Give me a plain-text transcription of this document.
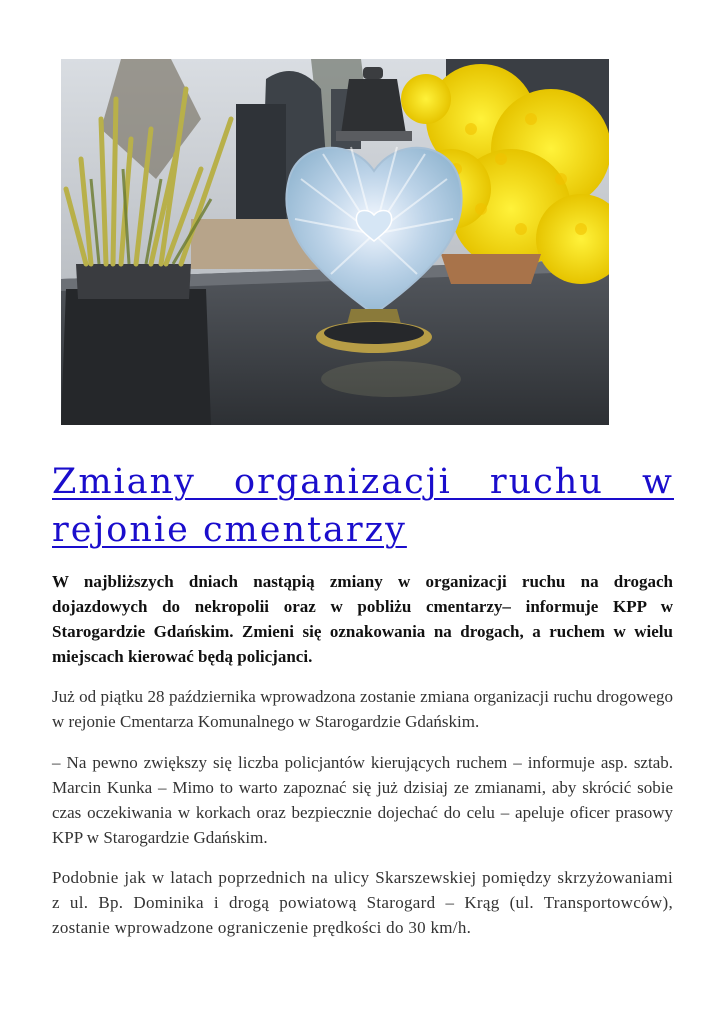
Zmiany organizacji ruchu w rejonie cmentarzy

W najbliższych dniach nastąpią zmiany w organizacji ruchu na drogach dojazdowych do nekropolii oraz w pobliżu cmentarzy– informuje KPP w Starogardzie Gdańskim. Zmieni się oznakowania na drogach, a ruchem w wielu miejscach kierować będą policjanci.

Już od piątku 28 października wprowadzona zostanie zmiana organizacji ruchu drogowego w rejonie Cmentarza Komunalnego w Starogardzie Gdańskim.

– Na pewno zwiększy się liczba policjantów kierujących ruchem – informuje asp. sztab. Marcin Kunka – Mimo to warto zapoznać się już dzisiaj ze zmianami, aby skrócić sobie czas oczekiwania w korkach oraz bezpiecznie dojechać do celu – apeluje oficer prasowy KPP w Starogardzie Gdańskim.

Podobnie jak w latach poprzednich na ulicy Skarszewskiej pomiędzy skrzyżowaniami z ul. Bp. Dominika i drogą powiatową Starogard – Krąg (ul. Transportowców), zostanie wprowadzone ograniczenie prędkości do 30 km/h.
